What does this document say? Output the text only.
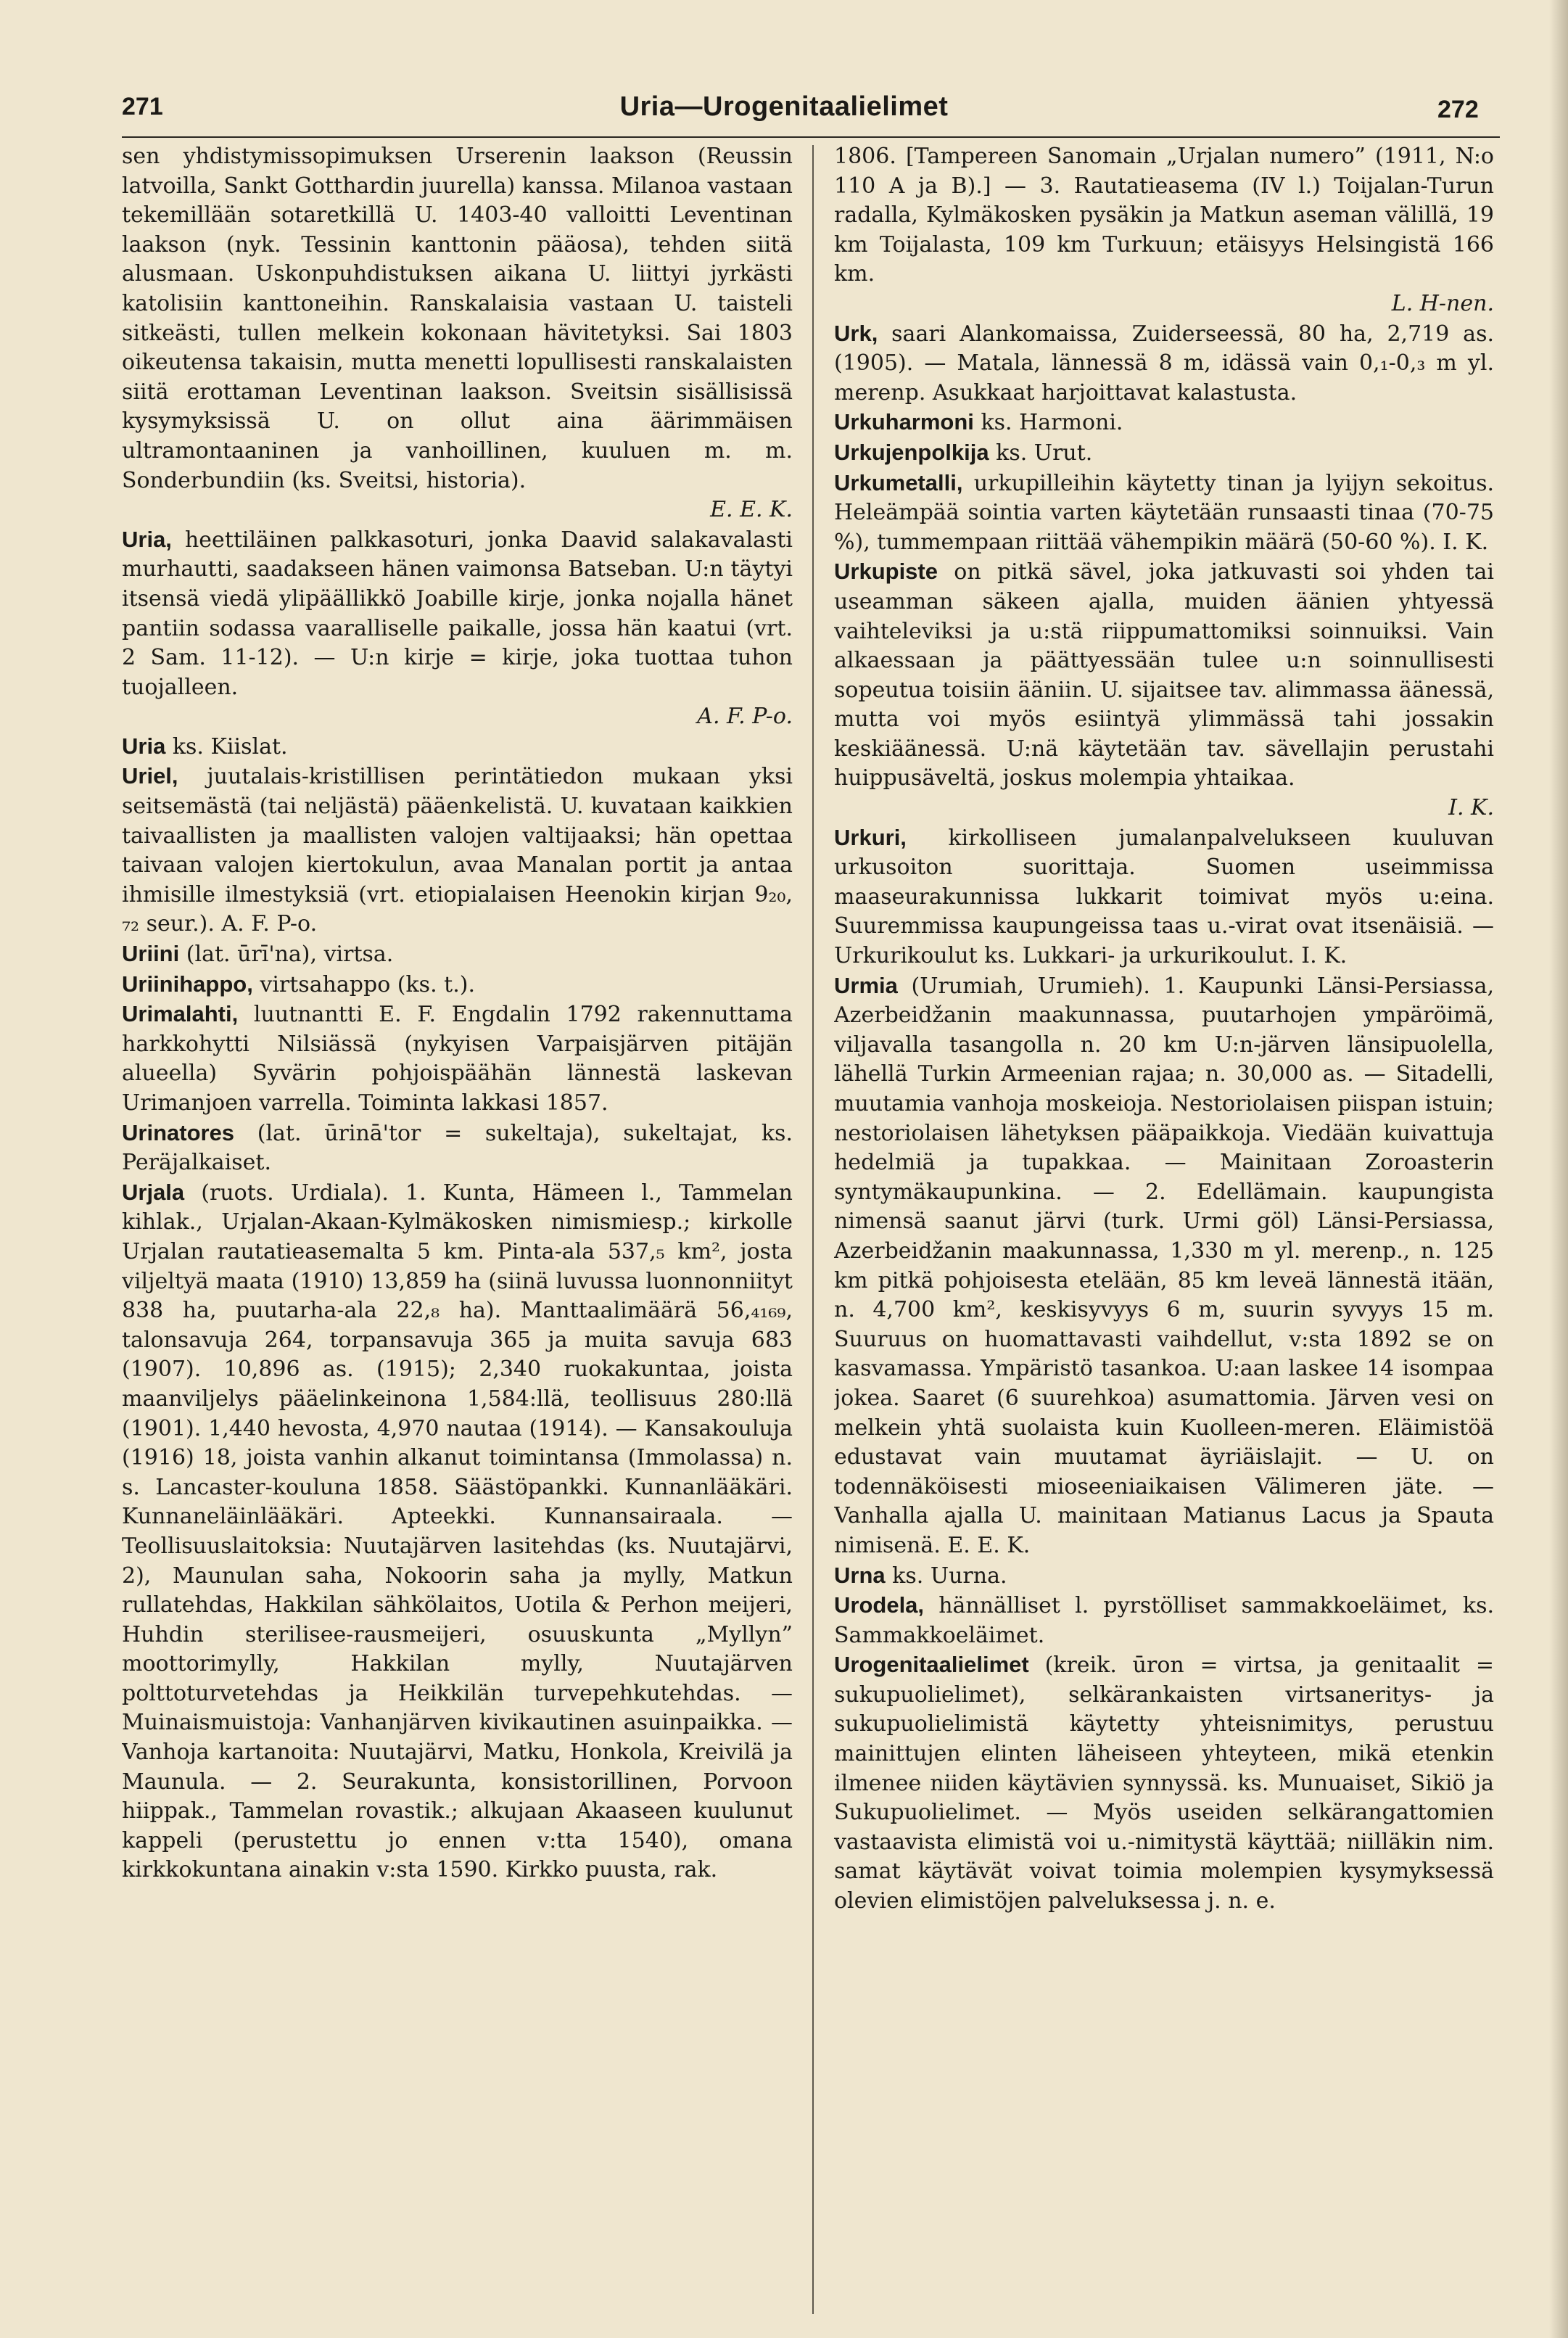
271	Uria—Urogenitaalielimet	272

sen yhdistymissopimuksen Urserenin laakson (Reussin latvoilla, Sankt Gotthardin juurella) kanssa. Milanoa vastaan tekemillään sotaretkillä U. 1403-40 valloitti Leventinan laakson (nyk. Tessinin kanttonin pääosa), tehden siitä alusmaan. Uskonpuhdistuksen aikana U. liittyi jyrkästi katolisiin kanttoneihin. Ranskalaisia vastaan U. taisteli sitkeästi, tullen melkein kokonaan hävitetyksi. Sai 1803 oikeutensa takaisin, mutta menetti lopullisesti ranskalaisten siitä erottaman Leventinan laakson. Sveitsin sisällisissä kysymyksissä U. on ollut aina äärimmäisen ultramontaaninen ja vanhoillinen, kuuluen m. m. Sonderbundiin (ks. Sveitsi, historia).

E. E. K.

Uria, heettiläinen palkkasoturi, jonka Daavid salakavalasti murhautti, saadakseen hänen vaimonsa Batseban. U:n täytyi itsensä viedä ylipäällikkö Joabille kirje, jonka nojalla hänet pantiin sodassa vaaralliselle paikalle, jossa hän kaatui (vrt. 2 Sam. 11-12). — U:n kirje = kirje, joka tuottaa tuhon tuojalleen.

A. F. P-o.

Uria ks. Kiislat.

Uriel, juutalais-kristillisen perintätiedon mukaan yksi seitsemästä (tai neljästä) pääenkelistä. U. kuvataan kaikkien taivaallisten ja maallisten valojen valtijaaksi; hän opettaa taivaan valojen kiertokulun, avaa Manalan portit ja antaa ihmisille ilmestyksiä (vrt. etiopialaisen Heenokin kirjan 9₂₀, ₇₂ seur.). A. F. P-o.

Uriini (lat. ūrī'na), virtsa.

Uriinihappo, virtsahappo (ks. t.).

Urimalahti, luutnantti E. F. Engdalin 1792 rakennuttama harkkohytti Nilsiässä (nykyisen Varpaisjärven pitäjän alueella) Syvärin pohjoispäähän lännestä laskevan Urimanjoen varrella. Toiminta lakkasi 1857.

Urinatores (lat. ūrinā'tor = sukeltaja), sukeltajat, ks. Peräjalkaiset.

Urjala (ruots. Urdiala). 1. Kunta, Hämeen l., Tammelan kihlak., Urjalan-Akaan-Kylmäkosken nimismiesp.; kirkolle Urjalan rautatieasemalta 5 km. Pinta-ala 537,₅ km², josta viljeltyä maata (1910) 13,859 ha (siinä luvussa luonnonniityt 838 ha, puutarha-ala 22,₈ ha). Manttaalimäärä 56,₄₁₆₉, talonsavuja 264, torpansavuja 365 ja muita savuja 683 (1907). 10,896 as. (1915); 2,340 ruokakuntaa, joista maanviljelys pääelinkeinona 1,584:llä, teollisuus 280:llä (1901). 1,440 hevosta, 4,970 nautaa (1914). — Kansakouluja (1916) 18, joista vanhin alkanut toimintansa (Immolassa) n. s. Lancaster-kouluna 1858. Säästöpankki. Kunnanlääkäri. Kunnaneläinlääkäri. Apteekki. Kunnansairaala. — Teollisuuslaitoksia: Nuutajärven lasitehdas (ks. Nuutajärvi, 2), Maunulan saha, Nokoorin saha ja mylly, Matkun rullatehdas, Hakkilan sähkölaitos, Uotila & Perhon meijeri, Huhdin sterilisee-rausmeijeri, osuuskunta „Myllyn” moottorimylly, Hakkilan mylly, Nuutajärven polttoturvetehdas ja Heikkilän turvepehkutehdas. — Muinaismuistoja: Vanhanjärven kivikautinen asuinpaikka. — Vanhoja kartanoita: Nuutajärvi, Matku, Honkola, Kreivilä ja Maunula. — 2. Seurakunta, konsistorillinen, Porvoon hiippak., Tammelan rovastik.; alkujaan Akaaseen kuulunut kappeli (perustettu jo ennen v:tta 1540), omana kirkkokuntana ainakin v:sta 1590. Kirkko puusta, rak.

1806. [Tampereen Sanomain „Urjalan numero” (1911, N:o 110 A ja B).] — 3. Rautatieasema (IV l.) Toijalan-Turun radalla, Kylmäkosken pysäkin ja Matkun aseman välillä, 19 km Toijalasta, 109 km Turkuun; etäisyys Helsingistä 166 km.

L. H-nen.

Urk, saari Alankomaissa, Zuiderseessä, 80 ha, 2,719 as. (1905). — Matala, lännessä 8 m, idässä vain 0,₁-0,₃ m yl. merenp. Asukkaat harjoittavat kalastusta.

Urkuharmoni ks. Harmoni.

Urkujenpolkija ks. Urut.

Urkumetalli, urkupilleihin käytetty tinan ja lyijyn sekoitus. Heleämpää sointia varten käytetään runsaasti tinaa (70-75 %), tummempaan riittää vähempikin määrä (50-60 %). I. K.

Urkupiste on pitkä sävel, joka jatkuvasti soi yhden tai useamman säkeen ajalla, muiden äänien yhtyessä vaihteleviksi ja u:stä riippumattomiksi soinnuiksi. Vain alkaessaan ja päättyessään tulee u:n soinnullisesti sopeutua toisiin ääniin. U. sijaitsee tav. alimmassa äänessä, mutta voi myös esiintyä ylimmässä tahi jossakin keskiäänessä. U:nä käytetään tav. sävellajin perustahi huippusäveltä, joskus molempia yhtaikaa.

I. K.

Urkuri, kirkolliseen jumalanpalvelukseen kuuluvan urkusoiton suorittaja. Suomen useimmissa maaseurakunnissa lukkarit toimivat myös u:eina. Suuremmissa kaupungeissa taas u.-virat ovat itsenäisiä. — Urkurikoulut ks. Lukkari- ja urkurikoulut. I. K.

Urmia (Urumiah, Urumieh). 1. Kaupunki Länsi-Persiassa, Azerbeidžanin maakunnassa, puutarhojen ympäröimä, viljavalla tasangolla n. 20 km U:n-järven länsipuolella, lähellä Turkin Armeenian rajaa; n. 30,000 as. — Sitadelli, muutamia vanhoja moskeioja. Nestoriolaisen piispan istuin; nestoriolaisen lähetyksen pääpaikkoja. Viedään kuivattuja hedelmiä ja tupakkaa. — Mainitaan Zoroasterin syntymäkaupunkina. — 2. Edellämain. kaupungista nimensä saanut järvi (turk. Urmi göl) Länsi-Persiassa, Azerbeidžanin maakunnassa, 1,330 m yl. merenp., n. 125 km pitkä pohjoisesta etelään, 85 km leveä lännestä itään, n. 4,700 km², keskisyvyys 6 m, suurin syvyys 15 m. Suuruus on huomattavasti vaihdellut, v:sta 1892 se on kasvamassa. Ympäristö tasankoa. U:aan laskee 14 isompaa jokea. Saaret (6 suurehkoa) asumattomia. Järven vesi on melkein yhtä suolaista kuin Kuolleen-meren. Eläimistöä edustavat vain muutamat äyriäislajit. — U. on todennäköisesti mioseeniaikaisen Välimeren jäte. — Vanhalla ajalla U. mainitaan Matianus Lacus ja Spauta nimisenä. E. E. K.

Urna ks. Uurna.

Urodela, hännälliset l. pyrstölliset sammakkoeläimet, ks. Sammakkoeläimet.

Urogenitaalielimet (kreik. ūron = virtsa, ja genitaalit = sukupuolielimet), selkärankaisten virtsaneritys- ja sukupuolielimistä käytetty yhteisnimitys, perustuu mainittujen elinten läheiseen yhteyteen, mikä etenkin ilmenee niiden käytävien synnyssä. ks. Munuaiset, Sikiö ja Sukupuolielimet. — Myös useiden selkärangattomien vastaavista elimistä voi u.-nimitystä käyttää; niilläkin nim. samat käytävät voivat toimia molempien kysymyksessä olevien elimistöjen palveluksessa j. n. e.
